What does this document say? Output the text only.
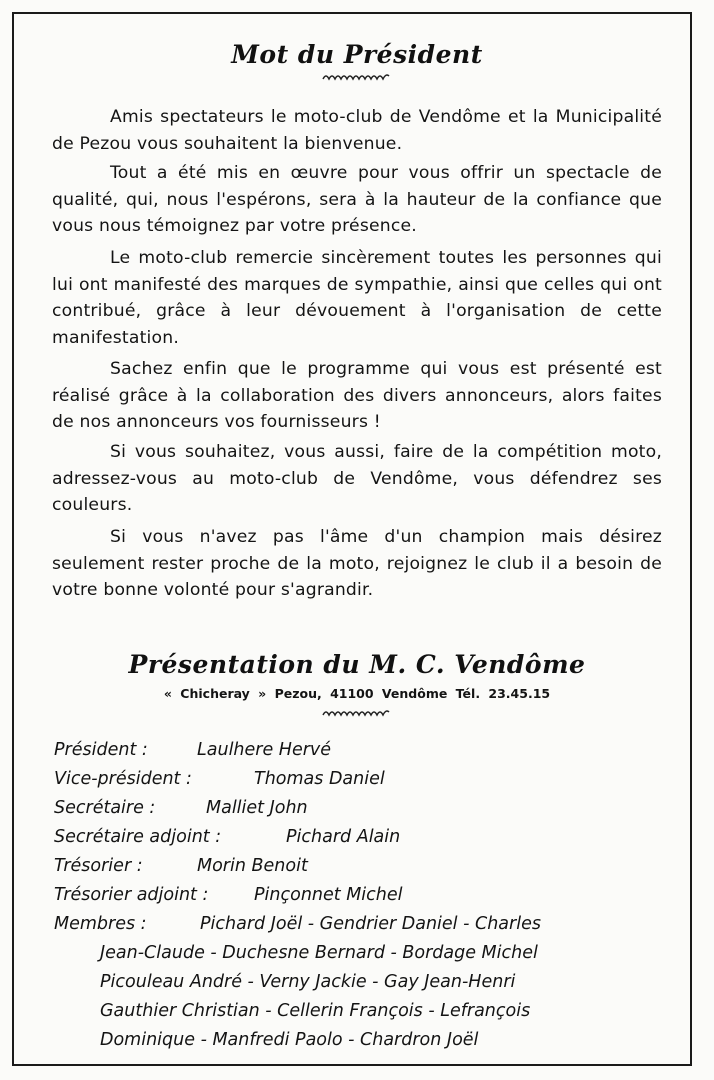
Mot du Président

Amis spectateurs le moto-club de Vendôme et la Municipalité de Pezou vous souhaitent la bienvenue.

Tout a été mis en œuvre pour vous offrir un spectacle de qualité, qui, nous l'espérons, sera à la hauteur de la confiance que vous nous témoignez par votre présence.

Le moto-club remercie sincèrement toutes les personnes qui lui ont manifesté des marques de sympathie, ainsi que celles qui ont contribué, grâce à leur dévouement à l'organisation de cette manifestation.

Sachez enfin que le programme qui vous est présenté est réalisé grâce à la collaboration des divers annonceurs, alors faites de nos annonceurs vos fournisseurs !

Si vous souhaitez, vous aussi, faire de la compétition moto, adressez-vous au moto-club de Vendôme, vous défendrez ses couleurs.

Si vous n'avez pas l'âme d'un champion mais désirez seulement rester proche de la moto, rejoignez le club il a besoin de votre bonne volonté pour s'agrandir.

Présentation du M. C. Vendôme
« Chicheray » Pezou, 41100 Vendôme Tél. 23.45.15
Président :	Laulhere Hervé
Vice-président :	Thomas Daniel
Secrétaire :	Malliet John
Secrétaire adjoint :	Pichard Alain
Trésorier :	Morin Benoit
Trésorier adjoint :	Pinçonnet Michel
Membres :	Pichard Joël - Gendrier Daniel - Charles
Jean-Claude - Duchesne Bernard - Bordage Michel
Picouleau André - Verny Jackie - Gay Jean-Henri
Gauthier Christian - Cellerin François - Lefrançois
Dominique - Manfredi Paolo - Chardron Joël
